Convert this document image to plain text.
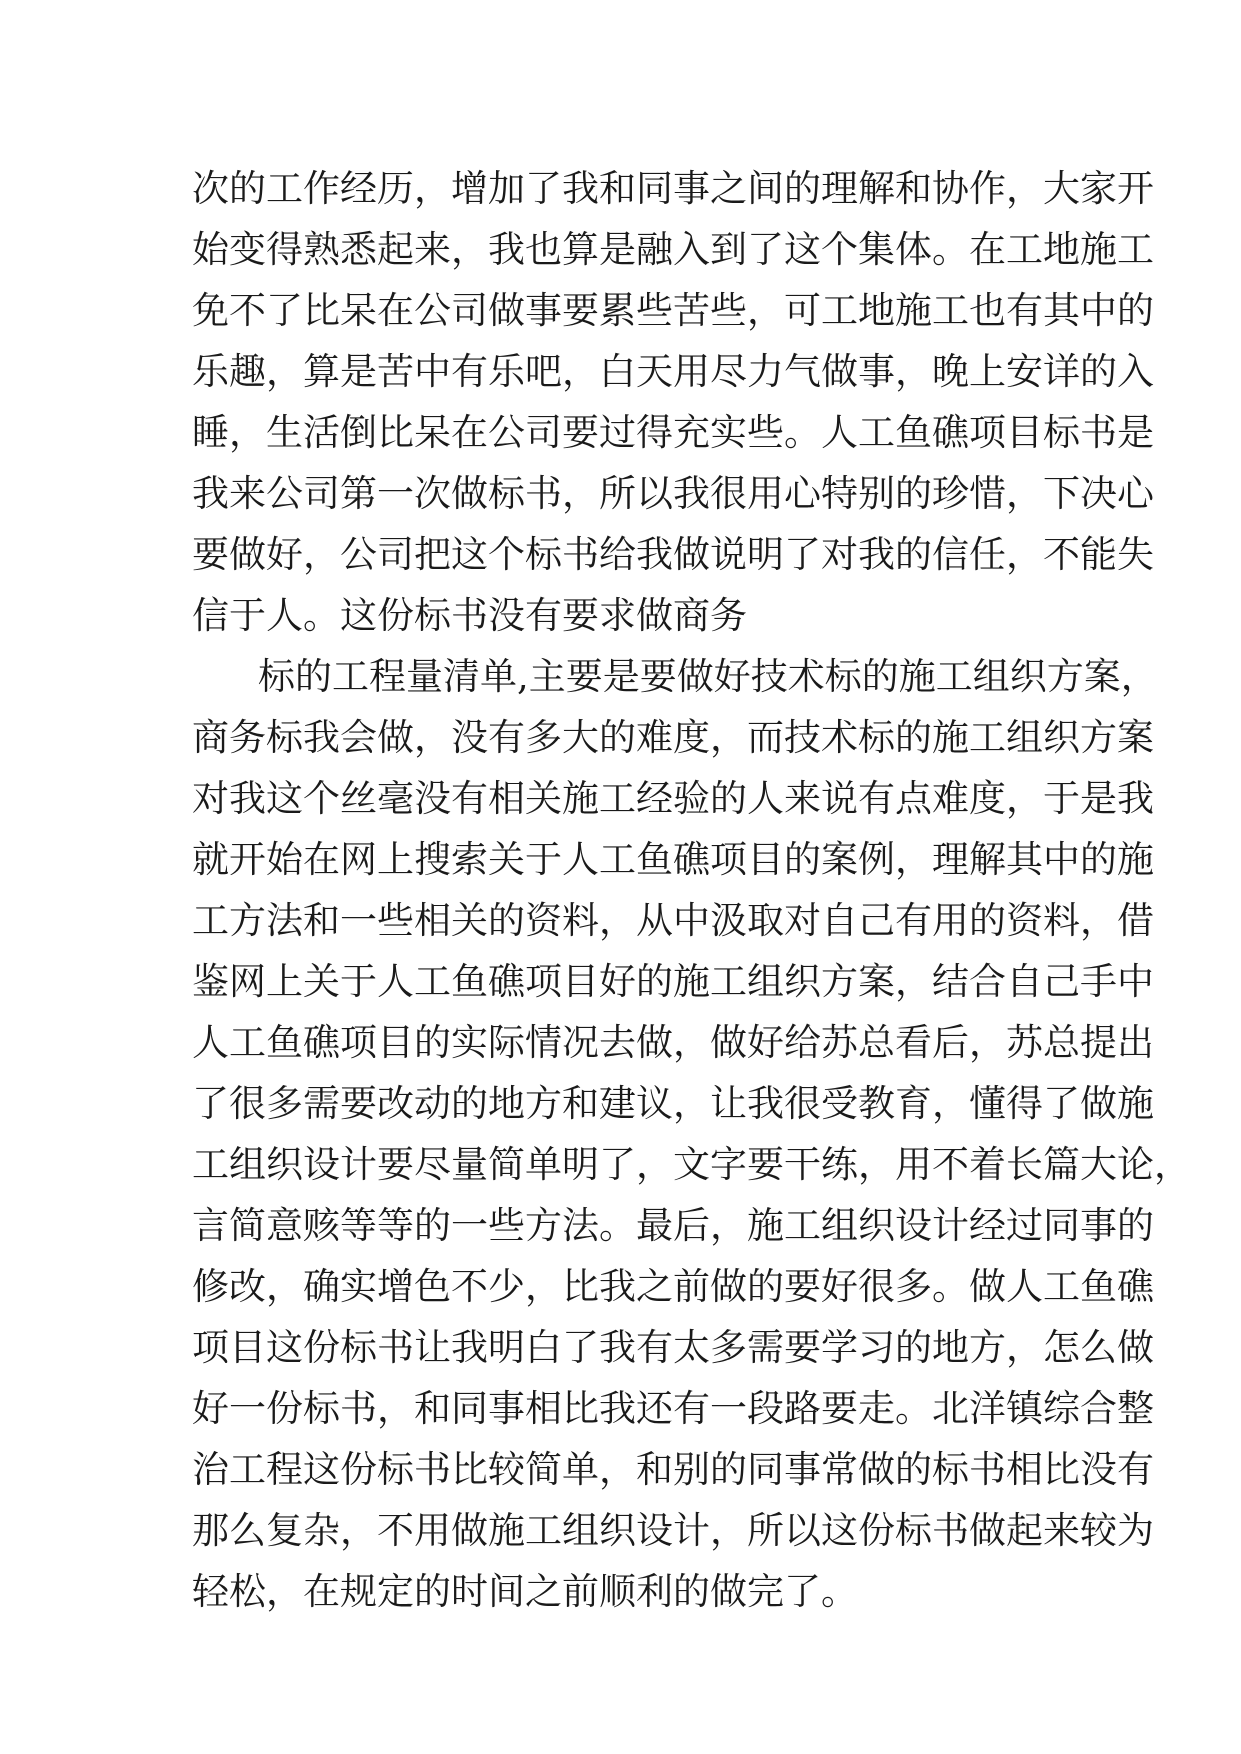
次的工作经历，增加了我和同事之间的理解和协作，大家开
始变得熟悉起来，我也算是融入到了这个集体。在工地施工
免不了比呆在公司做事要累些苦些，可工地施工也有其中的
乐趣，算是苦中有乐吧，白天用尽力气做事，晚上安详的入
睡，生活倒比呆在公司要过得充实些。人工鱼礁项目标书是
我来公司第一次做标书，所以我很用心特别的珍惜，下决心
要做好，公司把这个标书给我做说明了对我的信任，不能失
信于人。这份标书没有要求做商务
标的工程量清单,主要是要做好技术标的施工组织方案，
商务标我会做，没有多大的难度，而技术标的施工组织方案
对我这个丝毫没有相关施工经验的人来说有点难度，于是我
就开始在网上搜索关于人工鱼礁项目的案例，理解其中的施
工方法和一些相关的资料，从中汲取对自己有用的资料，借
鉴网上关于人工鱼礁项目好的施工组织方案，结合自己手中
人工鱼礁项目的实际情况去做，做好给苏总看后，苏总提出
了很多需要改动的地方和建议，让我很受教育，懂得了做施
工组织设计要尽量简单明了，文字要干练，用不着长篇大论，
言简意赅等等的一些方法。最后，施工组织设计经过同事的
修改，确实增色不少，比我之前做的要好很多。做人工鱼礁
项目这份标书让我明白了我有太多需要学习的地方，怎么做
好一份标书，和同事相比我还有一段路要走。北洋镇综合整
治工程这份标书比较简单，和别的同事常做的标书相比没有
那么复杂，不用做施工组织设计，所以这份标书做起来较为
轻松，在规定的时间之前顺利的做完了。
